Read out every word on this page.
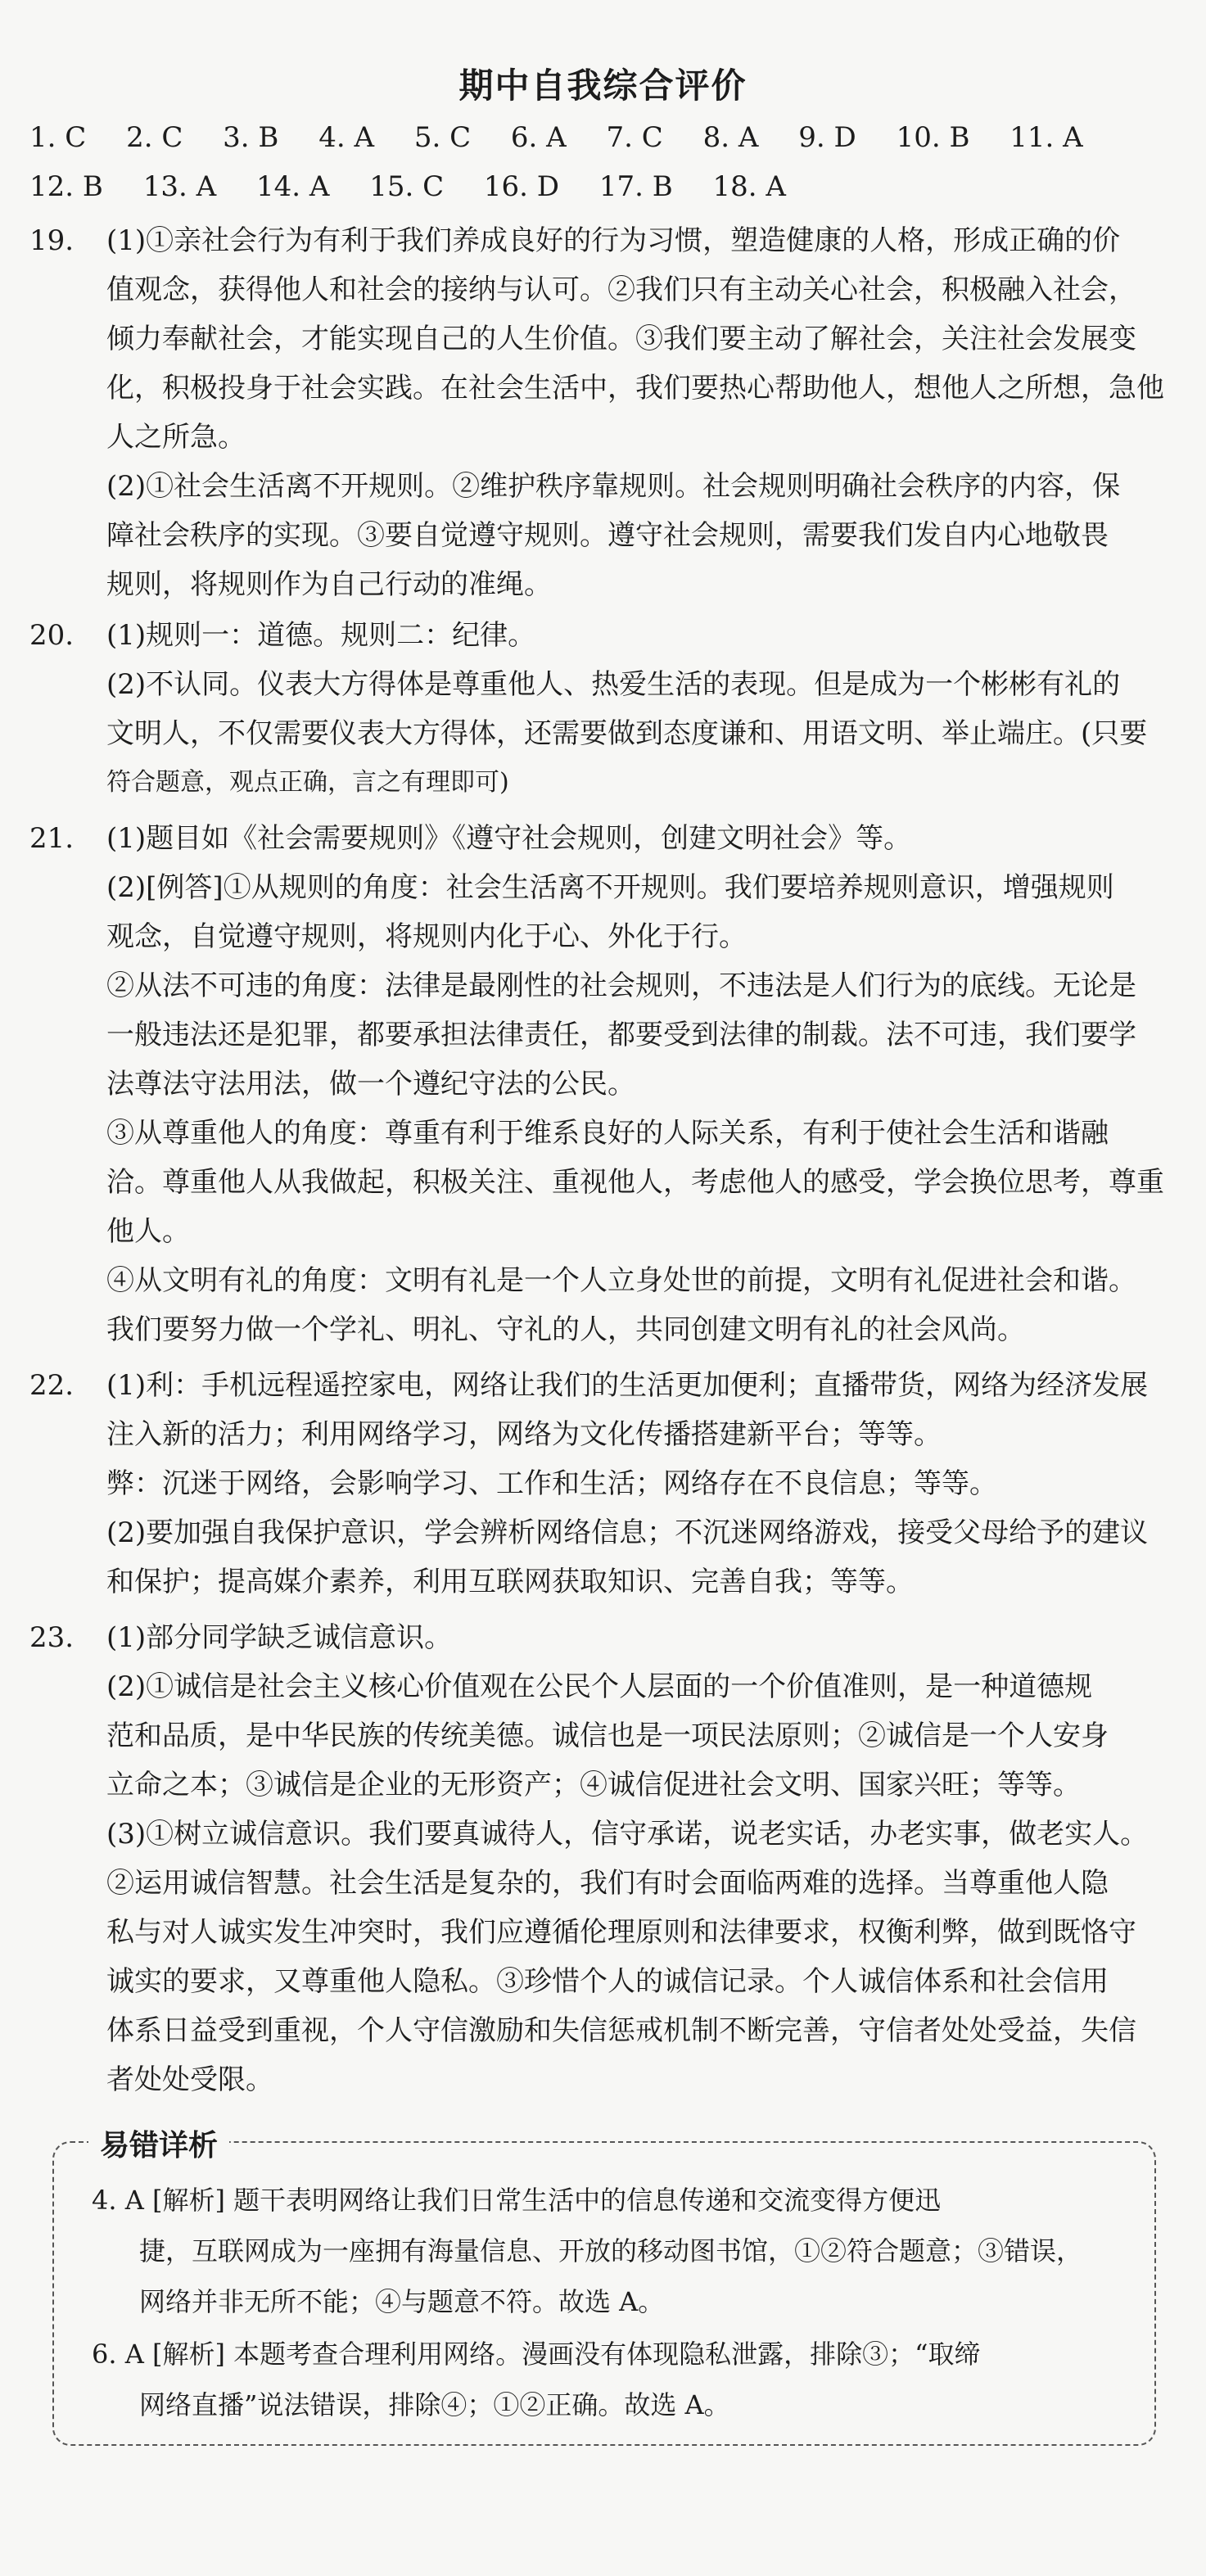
期中自我综合评价
1. C 2. C 3. B 4. A 5. C 6. A 7. C 8. A 9. D 10. B 11. A
12. B 13. A 14. A 15. C 16. D 17. B 18. A
19. (1)①亲社会行为有利于我们养成良好的行为习惯，塑造健康的人格，形成正确的价
值观念，获得他人和社会的接纳与认可。②我们只有主动关心社会，积极融入社会，
倾力奉献社会，才能实现自己的人生价值。③我们要主动了解社会，关注社会发展变
化，积极投身于社会实践。在社会生活中，我们要热心帮助他人，想他人之所想，急他
人之所急。
(2)①社会生活离不开规则。②维护秩序靠规则。社会规则明确社会秩序的内容，保
障社会秩序的实现。③要自觉遵守规则。遵守社会规则，需要我们发自内心地敬畏
规则，将规则作为自己行动的准绳。
20. (1)规则一：道德。规则二：纪律。
(2)不认同。仪表大方得体是尊重他人、热爱生活的表现。但是成为一个彬彬有礼的
文明人，不仅需要仪表大方得体，还需要做到态度谦和、用语文明、举止端庄。(只要
符合题意，观点正确，言之有理即可)
21. (1)题目如《社会需要规则》《遵守社会规则，创建文明社会》等。
(2)[例答]①从规则的角度：社会生活离不开规则。我们要培养规则意识，增强规则
观念，自觉遵守规则，将规则内化于心、外化于行。
②从法不可违的角度：法律是最刚性的社会规则，不违法是人们行为的底线。无论是
一般违法还是犯罪，都要承担法律责任，都要受到法律的制裁。法不可违，我们要学
法尊法守法用法，做一个遵纪守法的公民。
③从尊重他人的角度：尊重有利于维系良好的人际关系，有利于使社会生活和谐融
洽。尊重他人从我做起，积极关注、重视他人，考虑他人的感受，学会换位思考，尊重
他人。
④从文明有礼的角度：文明有礼是一个人立身处世的前提，文明有礼促进社会和谐。
我们要努力做一个学礼、明礼、守礼的人，共同创建文明有礼的社会风尚。
22. (1)利：手机远程遥控家电，网络让我们的生活更加便利；直播带货，网络为经济发展
注入新的活力；利用网络学习，网络为文化传播搭建新平台；等等。
弊：沉迷于网络，会影响学习、工作和生活；网络存在不良信息；等等。
(2)要加强自我保护意识，学会辨析网络信息；不沉迷网络游戏，接受父母给予的建议
和保护；提高媒介素养，利用互联网获取知识、完善自我；等等。
23. (1)部分同学缺乏诚信意识。
(2)①诚信是社会主义核心价值观在公民个人层面的一个价值准则，是一种道德规
范和品质，是中华民族的传统美德。诚信也是一项民法原则；②诚信是一个人安身
立命之本；③诚信是企业的无形资产；④诚信促进社会文明、国家兴旺；等等。
(3)①树立诚信意识。我们要真诚待人，信守承诺，说老实话，办老实事，做老实人。
②运用诚信智慧。社会生活是复杂的，我们有时会面临两难的选择。当尊重他人隐
私与对人诚实发生冲突时，我们应遵循伦理原则和法律要求，权衡利弊，做到既恪守
诚实的要求，又尊重他人隐私。③珍惜个人的诚信记录。个人诚信体系和社会信用
体系日益受到重视，个人守信激励和失信惩戒机制不断完善，守信者处处受益，失信
者处处受限。
易错详析
4. A [解析] 题干表明网络让我们日常生活中的信息传递和交流变得方便迅
捷，互联网成为一座拥有海量信息、开放的移动图书馆，①②符合题意；③错误，
网络并非无所不能；④与题意不符。故选 A。
6. A [解析] 本题考查合理利用网络。漫画没有体现隐私泄露，排除③；“取缔
网络直播”说法错误，排除④；①②正确。故选 A。
